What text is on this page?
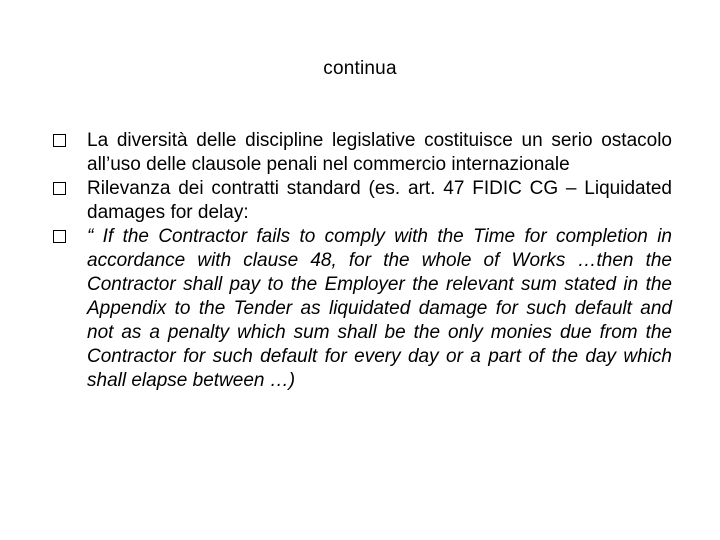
continua
La diversità delle discipline legislative costituisce un serio ostacolo all’uso delle clausole penali nel commercio internazionale
Rilevanza dei contratti standard (es. art. 47 FIDIC CG – Liquidated damages for delay:
“ If the Contractor fails to comply with the Time for completion in accordance with clause 48, for the whole of Works …then the Contractor shall pay to the Employer the relevant sum stated in the Appendix to the Tender as liquidated damage for such default and not as a penalty which sum shall be the only monies due from the Contractor for such default for every day or a part of the day which shall elapse between …)
